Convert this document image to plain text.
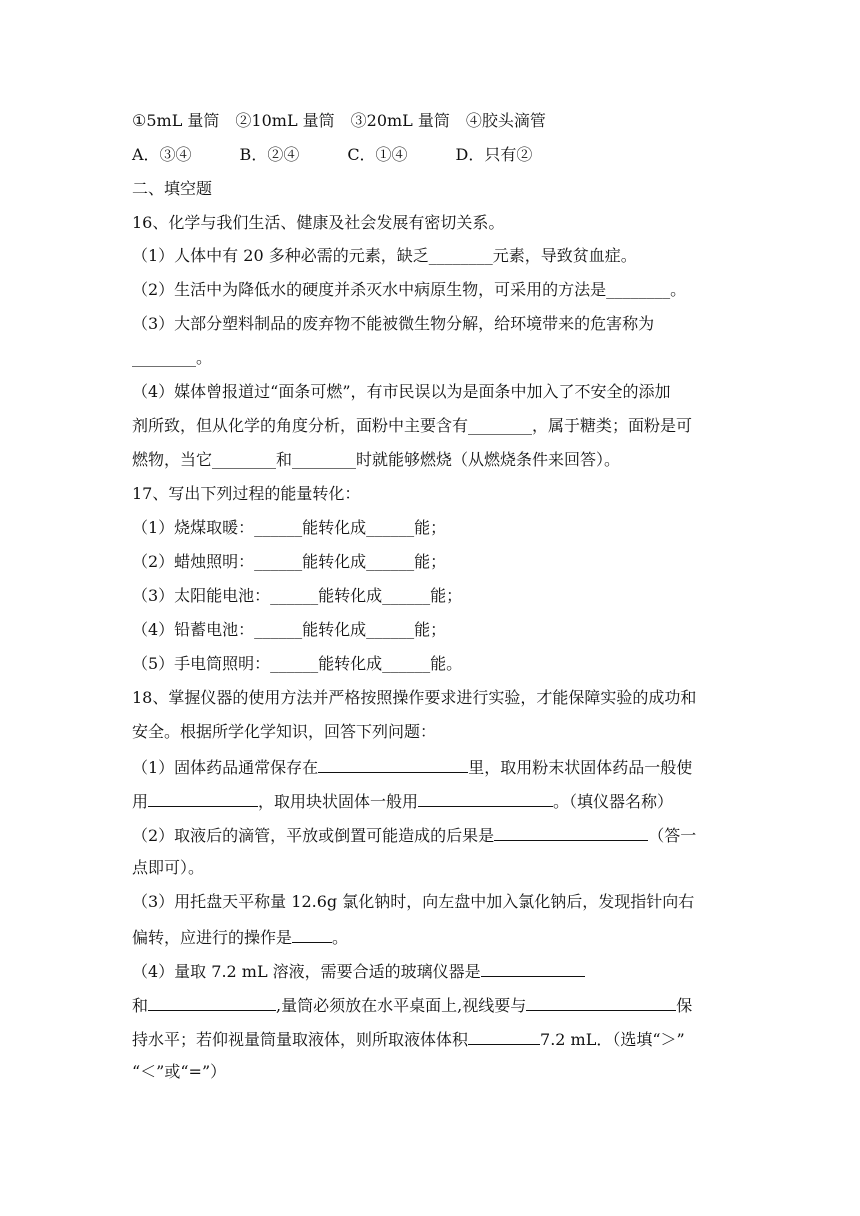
①5mL 量筒　②10mL 量筒　③20mL 量筒　④胶头滴管
A．③④　　　B．②④　　　C．①④　　　D．只有②
二、填空题
16、化学与我们生活、健康及社会发展有密切关系。
（1）人体中有 20 多种必需的元素，缺乏________元素，导致贫血症。
（2）生活中为降低水的硬度并杀灭水中病原生物，可采用的方法是________。
（3）大部分塑料制品的废弃物不能被微生物分解，给环境带来的危害称为
________。
（4）媒体曾报道过“面条可燃”，有市民误以为是面条中加入了不安全的添加
剂所致，但从化学的角度分析，面粉中主要含有________，属于糖类；面粉是可
燃物，当它________和________时就能够燃烧（从燃烧条件来回答）。
17、写出下列过程的能量转化：
（1）烧煤取暖：______能转化成______能；
（2）蜡烛照明：______能转化成______能；
（3）太阳能电池：______能转化成______能；
（4）铅蓄电池：______能转化成______能；
（5）手电筒照明：______能转化成______能。
18、掌握仪器的使用方法并严格按照操作要求进行实验，才能保障实验的成功和
安全。根据所学化学知识，回答下列问题：
（1）固体药品通常保存在	里，取用粉末状固体药品一般使
用	，取用块状固体一般用	。（填仪器名称）
（2）取液后的滴管，平放或倒置可能造成的后果是	（答一
点即可）。
（3）用托盘天平称量 12.6g 氯化钠时，向左盘中加入氯化钠后，发现指针向右
偏转，应进行的操作是	。
（4）量取 7.2 mL 溶液，需要合适的玻璃仪器是
和	,量筒必须放在水平桌面上,视线要与	保
持水平；若仰视量筒量取液体，则所取液体体积	7.2 mL．（选填“＞”
“＜”或“=”）
